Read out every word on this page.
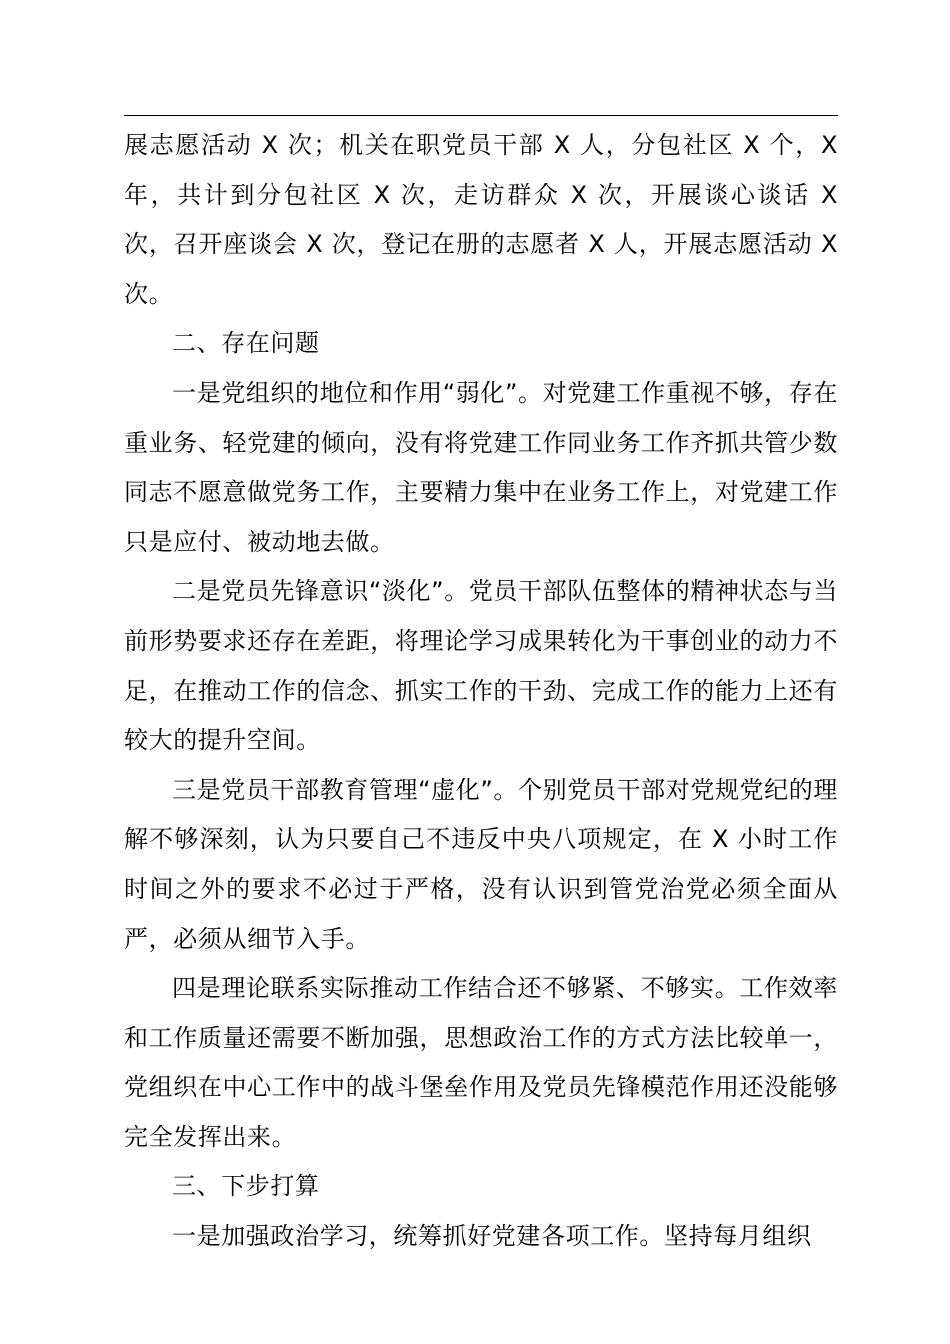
展志愿活动 X 次；机关在职党员干部 X 人，分包社区 X 个，X 年，共计到分包社区 X 次，走访群众 X 次，开展谈心谈话 X 次，召开座谈会 X 次，登记在册的志愿者 X 人，开展志愿活动 X 次。

二、存在问题

一是党组织的地位和作用“弱化”。对党建工作重视不够，存在重业务、轻党建的倾向，没有将党建工作同业务工作齐抓共管少数同志不愿意做党务工作，主要精力集中在业务工作上，对党建工作只是应付、被动地去做。

二是党员先锋意识“淡化”。党员干部队伍整体的精神状态与当前形势要求还存在差距，将理论学习成果转化为干事创业的动力不足，在推动工作的信念、抓实工作的干劲、完成工作的能力上还有较大的提升空间。

三是党员干部教育管理“虚化”。个别党员干部对党规党纪的理解不够深刻，认为只要自己不违反中央八项规定，在 X 小时工作时间之外的要求不必过于严格，没有认识到管党治党必须全面从严，必须从细节入手。

四是理论联系实际推动工作结合还不够紧、不够实。工作效率和工作质量还需要不断加强，思想政治工作的方式方法比较单一，党组织在中心工作中的战斗堡垒作用及党员先锋模范作用还没能够完全发挥出来。

三、下步打算

一是加强政治学习，统筹抓好党建各项工作。坚持每月组织
